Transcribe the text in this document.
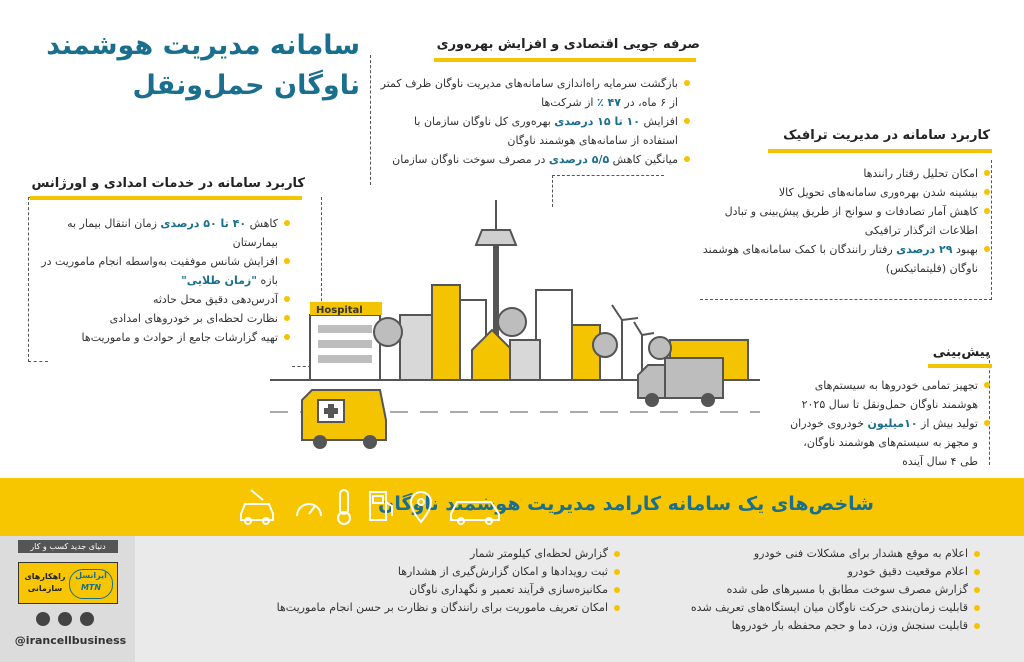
سامانه مدیریت هوشمند
ناوگان حمل‌ونقل
صرفه جویی اقتصادی و افزایش بهره‌وری
بازگشت سرمایه راه‌اندازی سامانه‌های مدیریت ناوگان ظرف کمتر از ۶ ماه، در ۴۷ ٪ از شرکت‌ها
افزایش ۱۰ تا ۱۵ درصدی بهره‌وری کل ناوگان سازمان با استفاده از سامانه‌های هوشمند ناوگان
میانگین کاهش ۵/۵ درصدی در مصرف سوخت ناوگان سازمان
کاربرد سامانه در خدمات امدادی و اورژانس
کاهش ۴۰ تا ۵۰ درصدی زمان انتقال بیمار به بیمارستان
افزایش شانس موفقیت به‌واسطه انجام ماموریت در بازه "زمان طلایی"
آدرس‌دهی دقیق محل حادثه
نظارت لحظه‌ای بر خودروهای امدادی
تهیه گزارشات جامع از حوادث و ماموریت‌ها
کاربرد سامانه در مدیریت ترافیک
امکان تحلیل رفتار رانندها
بیشینه شدن بهره‌وری سامانه‌های تحویل کالا
کاهش آمار تصادفات و سوانح از طریق پیش‌بینی و تبادل اطلاعات اثرگذار ترافیکی
بهبود ۲۹ درصدی رفتار رانندگان با کمک سامانه‌های هوشمند ناوگان (فلیتماتیکس)
پیش‌بینی
تجهیز تمامی خودروها به سیستم‌های هوشمند ناوگان حمل‌ونقل تا سال ۲۰۲۵
تولید بیش از ۱۰میلیون خودروی خودران و مجهز به سیستم‌های هوشمند ناوگان، طی ۴ سال آینده
Hospital
شاخص‌های یک سامانه کارامد مدیریت هوشمند ناوگان
اعلام به موقع هشدار برای مشکلات فنی خودرو
اعلام موقعیت دقیق خودرو
گزارش مصرف سوخت مطابق با مسیرهای طی شده
قابلیت زمان‌بندی حرکت ناوگان میان ایستگاه‌های تعریف شده
قابلیت سنجش وزن، دما و حجم محفظه بار خودروها
گزارش لحظه‌ای کیلومتر شمار
ثبت رویدادها و امکان گزارش‌گیری از هشدارها
مکانیزه‌سازی فرآیند تعمیر و نگهداری ناوگان
امکان تعریف ماموریت برای رانندگان و نظارت بر حسن انجام ماموریت‌ها
دنیای جدید کسب و کار
ایرانسل
MTN
راهکارهای سازمانی
@irancellbusiness
